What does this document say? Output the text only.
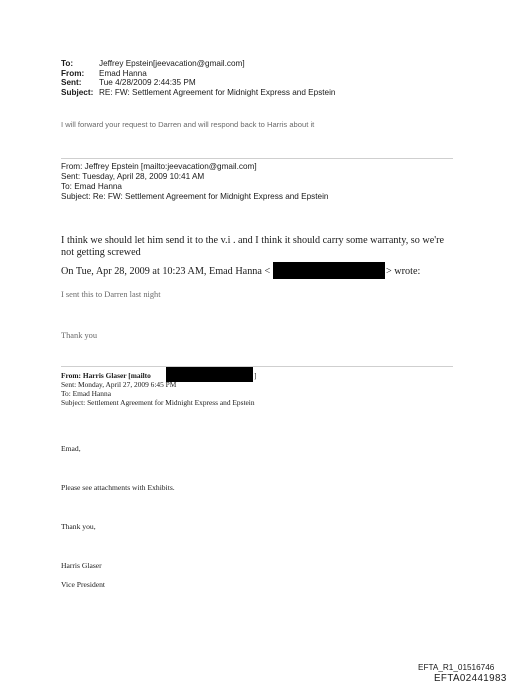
To:	Jeffrey Epstein[jeevacation@gmail.com]
From: Emad Hanna
Sent: Tue 4/28/2009 2:44:35 PM
Subject: RE: FW: Settlement Agreement for Midnight Express and Epstein
I will forward your request to Darren and will respond back to Harris about it
From: Jeffrey Epstein [mailto:jeevacation@gmail.com]
Sent: Tuesday, April 28, 2009 10:41 AM
To: Emad Hanna
Subject: Re: FW: Settlement Agreement for Midnight Express and Epstein
I think we should let him send it to the v.i . and I think it should carry some warranty, so we're
not getting screwed
On Tue, Apr 28, 2009 at 10:23 AM, Emad Hanna <	> wrote:
I sent this to Darren last night
Thank you
From: Harris Glaser [mailto	]
Sent: Monday, April 27, 2009 6:45 PM
To: Emad Hanna
Subject: Settlement Agreement for Midnight Express and Epstein
Emad,
Please see attachments with Exhibits.
Thank you,
Harris Glaser
Vice President
EFTA_R1_01516746
EFTA02441983
